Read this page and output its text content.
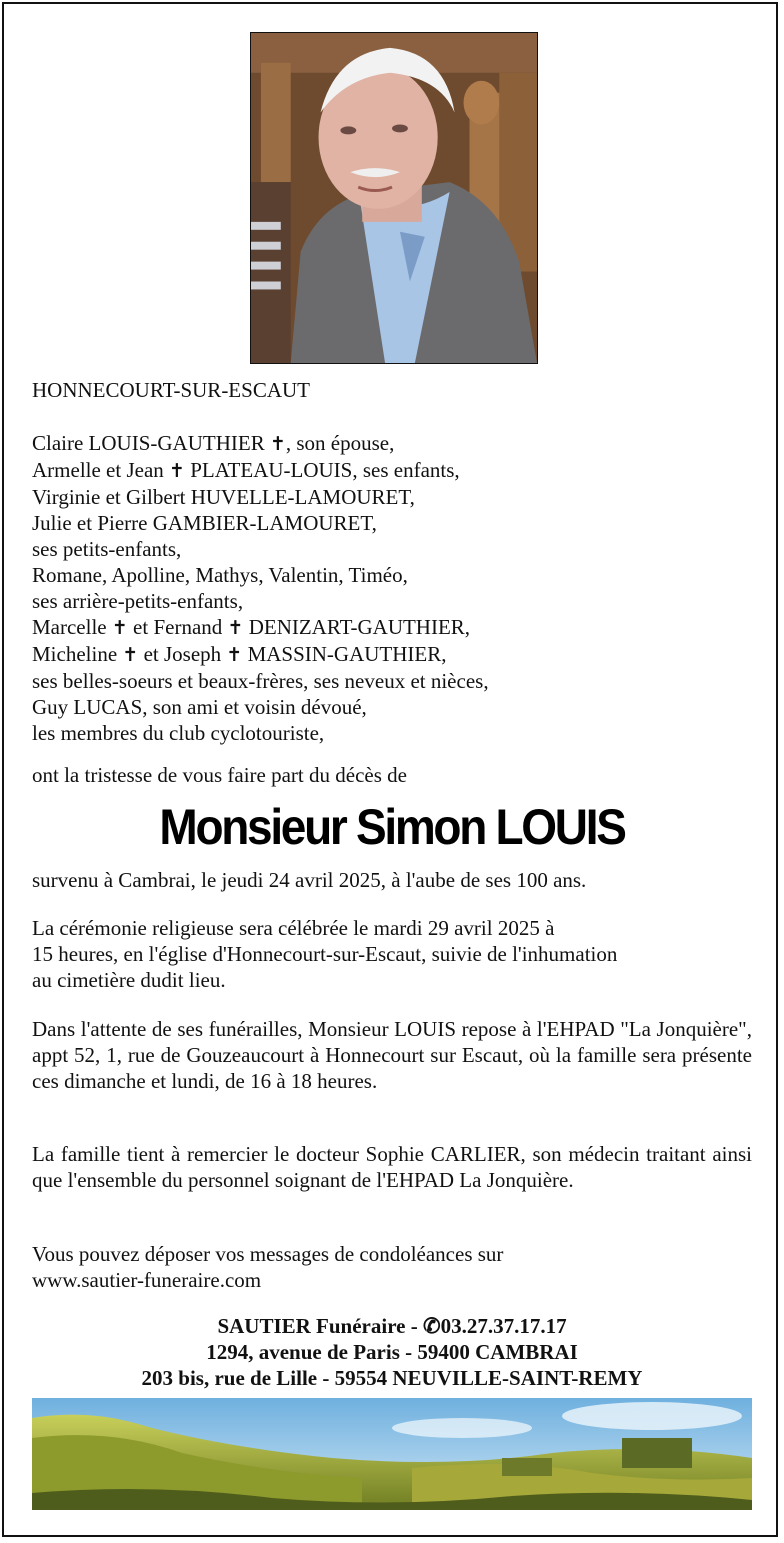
HONNECOURT-SUR-ESCAUT

Claire LOUIS-GAUTHIER ✝, son épouse,

Armelle et Jean ✝ PLATEAU-LOUIS, ses enfants,

Virginie et Gilbert HUVELLE-LAMOURET,

Julie et Pierre GAMBIER-LAMOURET,

ses petits-enfants,

Romane, Apolline, Mathys, Valentin, Timéo,

ses arrière-petits-enfants,

Marcelle ✝ et Fernand ✝ DENIZART-GAUTHIER,

Micheline ✝ et Joseph ✝ MASSIN-GAUTHIER,

ses belles-soeurs et beaux-frères, ses neveux et nièces,

Guy LUCAS, son ami et voisin dévoué,

les membres du club cyclotouriste,

ont la tristesse de vous faire part du décès de

Monsieur Simon LOUIS

survenu à Cambrai, le jeudi 24 avril 2025, à l'aube de ses 100 ans.

La cérémonie religieuse sera célébrée le mardi 29 avril 2025 à

15 heures, en l'église d'Honnecourt-sur-Escaut, suivie de l'inhumation

au cimetière dudit lieu.

Dans l'attente de ses funérailles, Monsieur LOUIS repose à l'EHPAD "La Jonquière", appt 52, 1, rue de Gouzeaucourt à Honnecourt sur Escaut, où la famille sera présente ces dimanche et lundi, de 16 à 18 heures.
La famille tient à remercier le docteur Sophie CARLIER, son médecin traitant ainsi que l'ensemble du personnel soignant de l'EHPAD La Jonquière.

Vous pouvez déposer vos messages de condoléances sur

www.sautier-funeraire.com

SAUTIER Funéraire - ✆03.27.37.17.17

1294, avenue de Paris - 59400 CAMBRAI

203 bis, rue de Lille - 59554 NEUVILLE-SAINT-REMY
